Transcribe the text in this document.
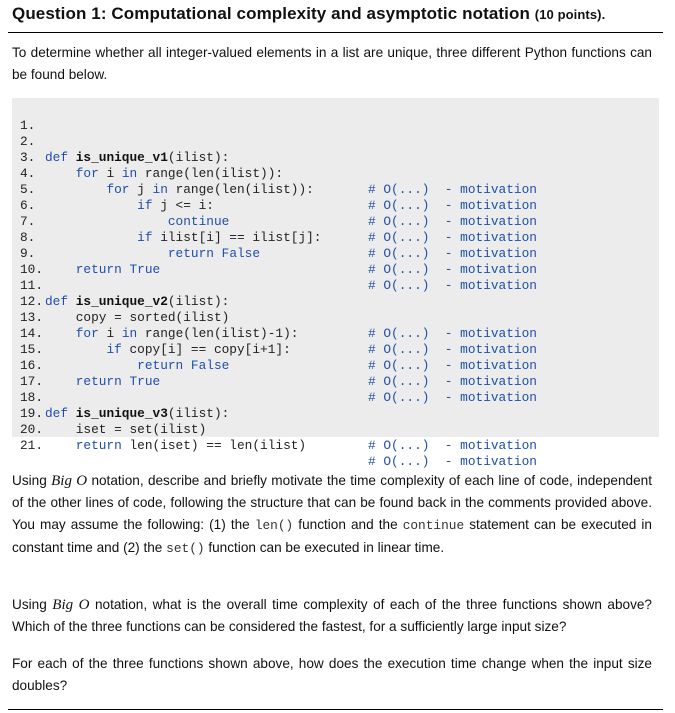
Question 1: Computational complexity and asymptotic notation (10 points).
To determine whether all integer-valued elements in a list are unique, three different Python functions can be found below.

1.

2.

def is_unique_v1(ilist):

3.

for i in range(len(ilist)):

# O(...)  - motivation

4.

for j in range(len(ilist)):

# O(...)  - motivation

5.

if j <= i:

# O(...)  - motivation

6.

continue

# O(...)  - motivation

7.

if ilist[i] == ilist[j]:

# O(...)  - motivation

8.

return False

# O(...)  - motivation

9.

return True

# O(...)  - motivation

10.

11.

def is_unique_v2(ilist):

12.

copy = sorted(ilist)

# O(...)  - motivation

13.

for i in range(len(ilist)-1):

# O(...)  - motivation

14.

if copy[i] == copy[i+1]:

# O(...)  - motivation

15.

return False

# O(...)  - motivation

16.

return True

# O(...)  - motivation

17.

18.

def is_unique_v3(ilist):

19.

iset = set(ilist)

# O(...)  - motivation

20.

return len(iset) == len(ilist)

# O(...)  - motivation

21.

Using Big O notation, describe and briefly motivate the time complexity of each line of code, independent of the other lines of code, following the structure that can be found back in the comments provided above. You may assume the following: (1) the len() function and the continue statement can be executed in constant time and (2) the set() function can be executed in linear time.
Using Big O notation, what is the overall time complexity of each of the three functions shown above? Which of the three functions can be considered the fastest, for a sufficiently large input size?
For each of the three functions shown above, how does the execution time change when the input size doubles?
